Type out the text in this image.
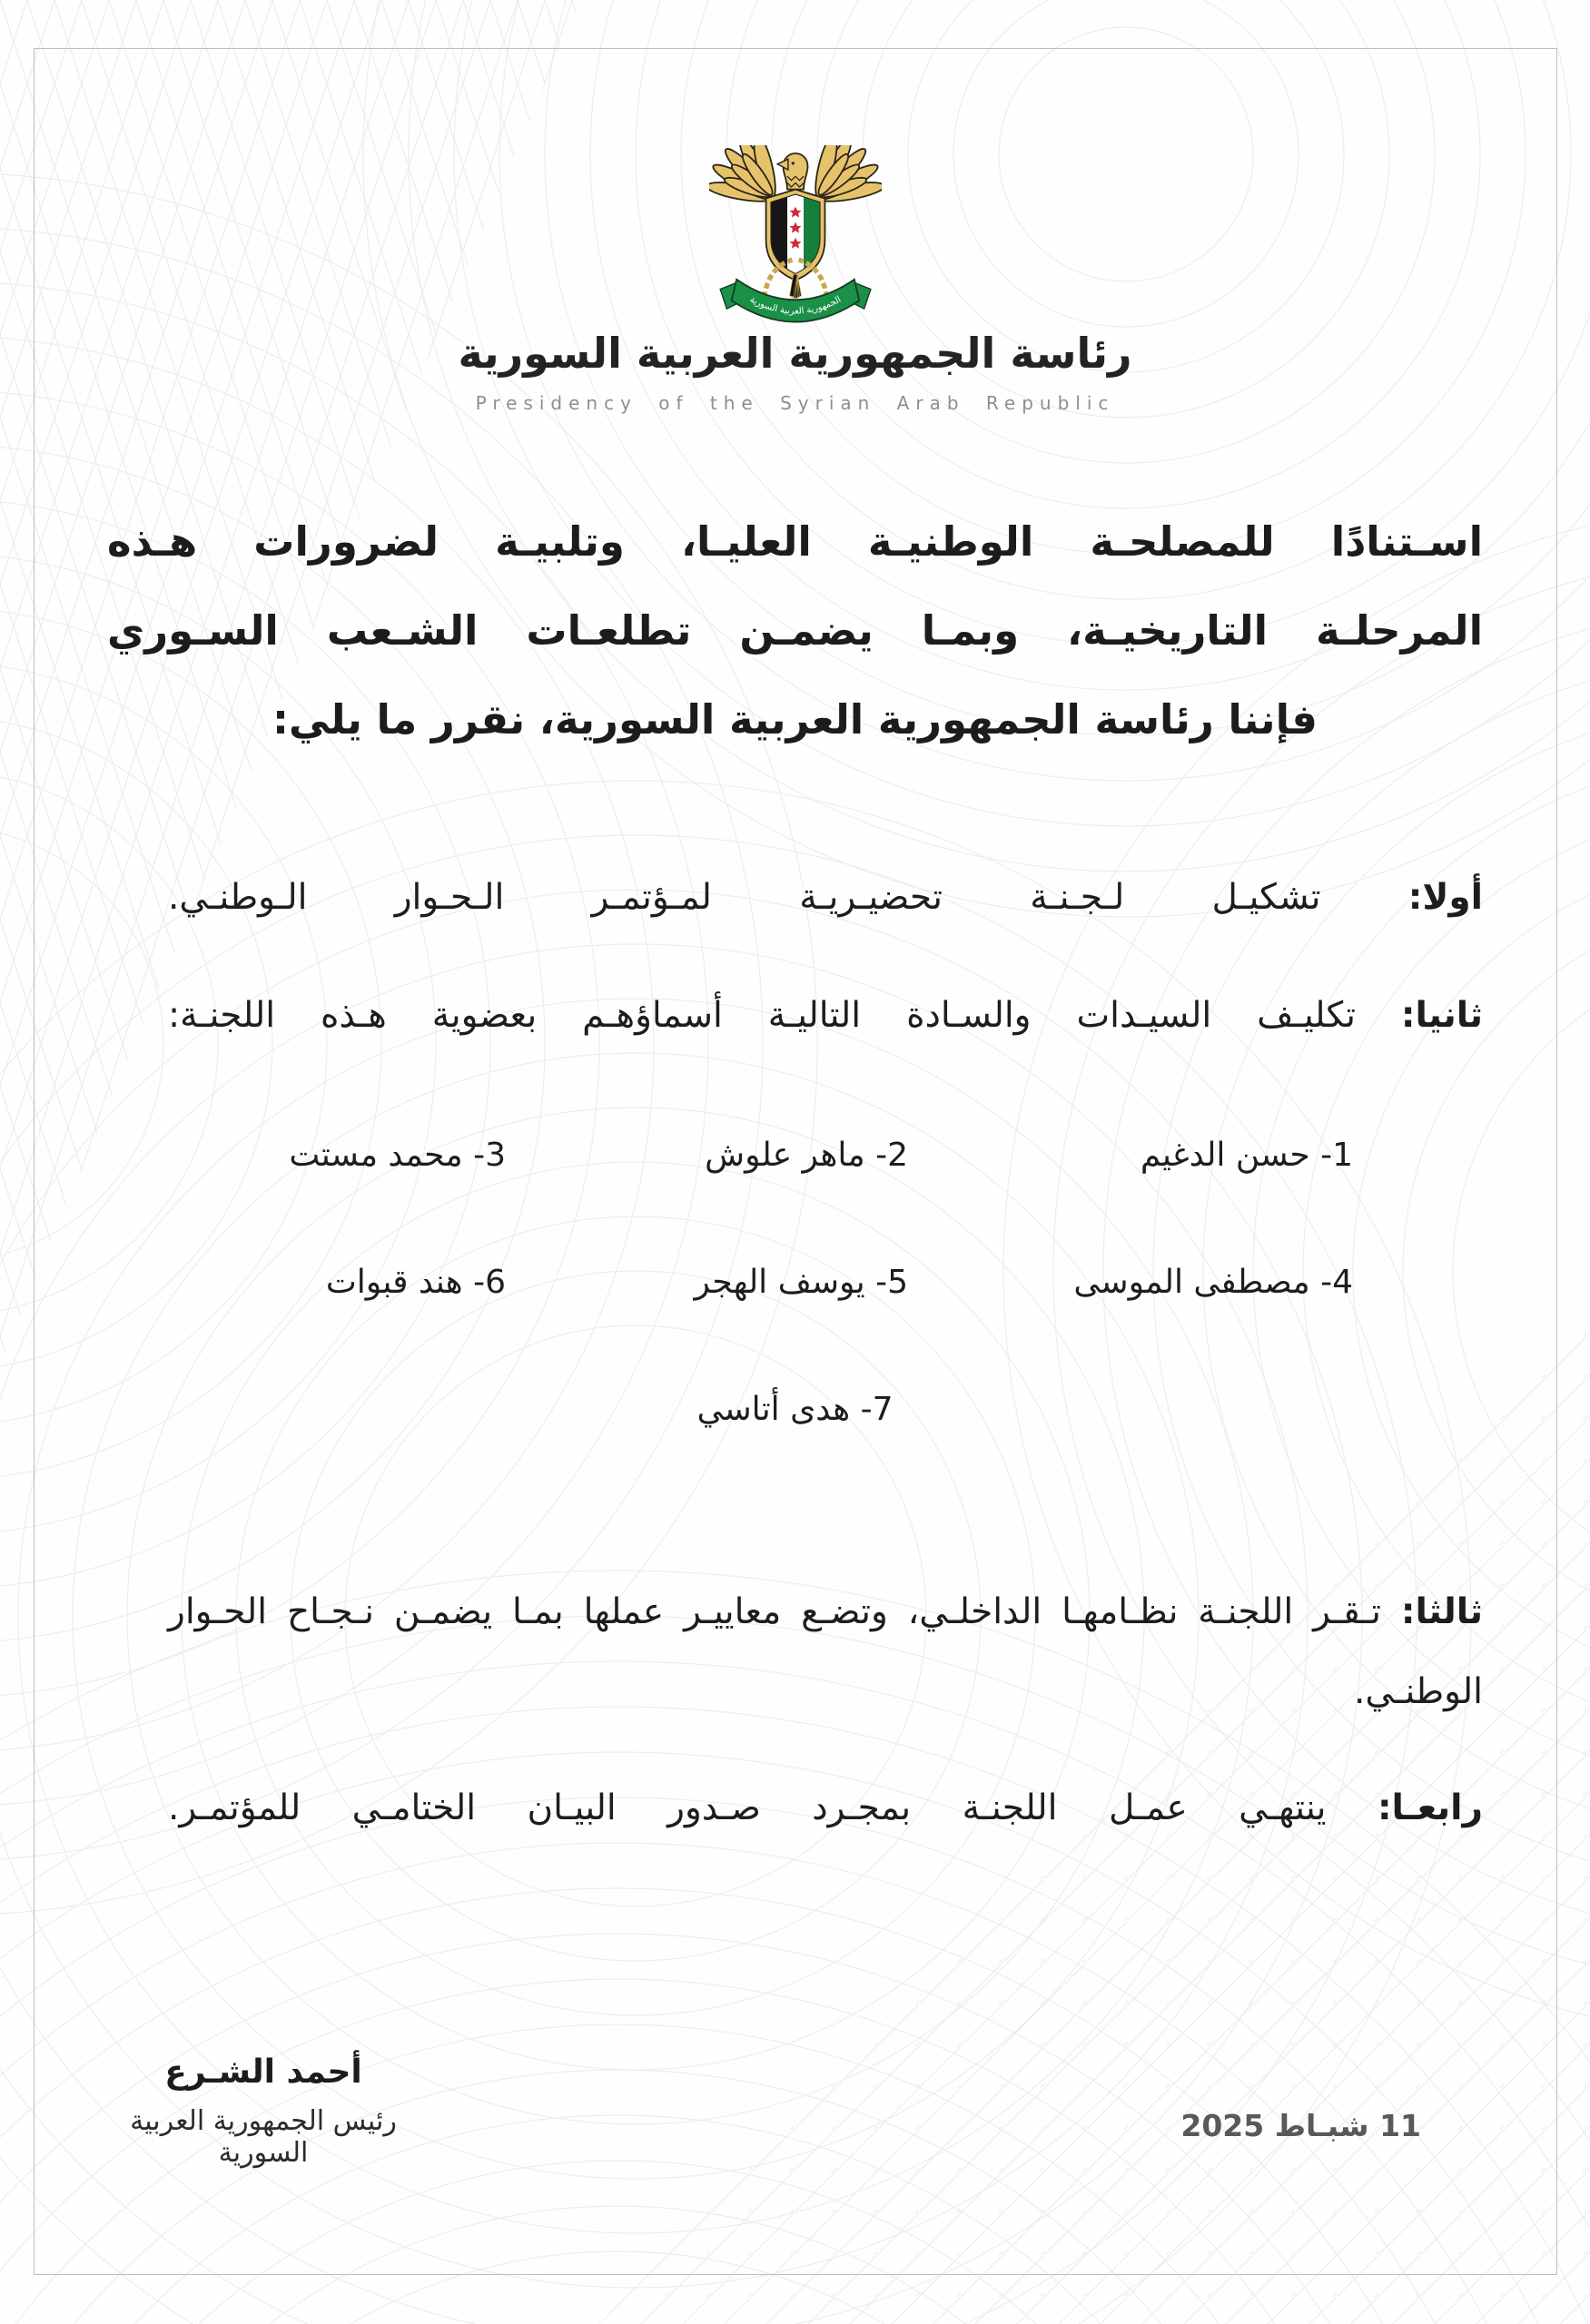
الجمهورية العربية السورية
رئاسة الجمهورية العربية السورية
Presidency of the Syrian Arab Republic
اسـتنادًا للمصلحـة الوطنيـة العليـا، وتلبيـة لضرورات هـذه
المرحلـة التاريخيـة، وبمـا يضمـن تطلعـات الشـعب السـوري
فإننا رئاسة الجمهورية العربية السورية، نقرر ما يلي:
أولا: تشكيـل لـجـنـة تحضيـريـة لمـؤتمـر الـحـوار الـوطنـي.
ثانيا: تكليـف السيـدات والسـادة التاليـة أسماؤهـم بعضوية هـذه اللجنـة:
1- حسن الدغيم
2- ماهر علوش
3- محمد مستت
4- مصطفى الموسى
5- يوسف الهجر
6- هند قبوات
7- هدى أتاسي
ثالثا: تـقـر اللجنـة نظـامهـا الداخلـي، وتضـع معاييـر عملها بمـا يضمـن نـجـاح الحـوار الوطنـي.
رابعـا: ينتهـي عمـل اللجنـة بمجـرد صـدور البيـان الختامـي للمؤتمـر.
أحمد الشـرع
رئيس الجمهورية العربية السورية
11 شبـاط 2025
